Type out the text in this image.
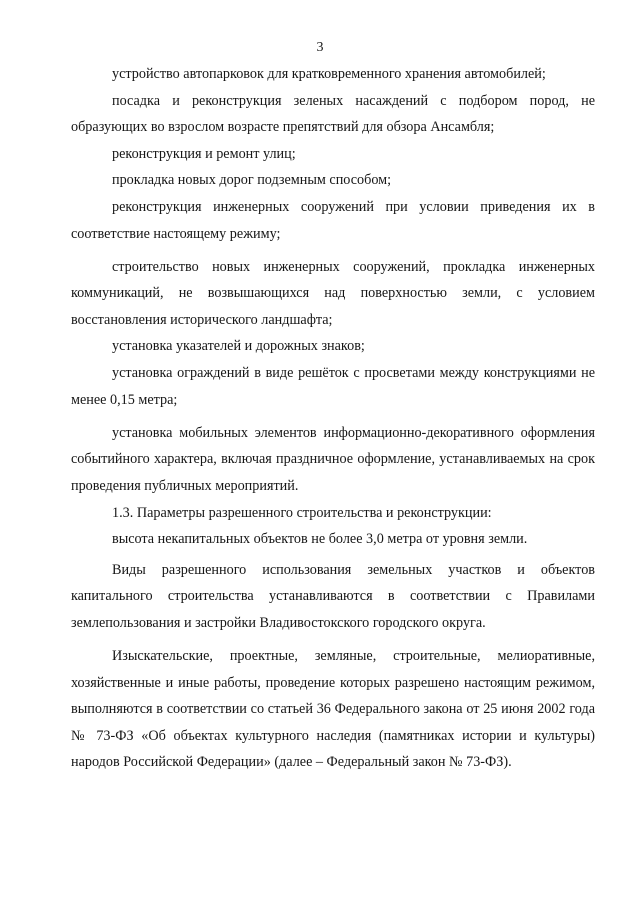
3

устройство автопарковок для кратковременного хранения автомобилей;

посадка и реконструкция зеленых насаждений с подбором пород, не образующих во взрослом возрасте препятствий для обзора Ансамбля;

реконструкция и ремонт улиц;

прокладка новых дорог подземным способом;

реконструкция инженерных сооружений при условии приведения их в соответствие настоящему режиму;

строительство новых инженерных сооружений, прокладка инженерных коммуникаций, не возвышающихся над поверхностью земли, с условием восстановления исторического ландшафта;

установка указателей и дорожных знаков;

установка ограждений в виде решёток с просветами между конструкциями не менее 0,15 метра;

установка мобильных элементов информационно-декоративного оформления событийного характера, включая праздничное оформление, устанавливаемых на срок проведения публичных мероприятий.

1.3. Параметры разрешенного строительства и реконструкции:

высота некапитальных объектов не более 3,0 метра от уровня земли.

Виды разрешенного использования земельных участков и объектов капитального строительства устанавливаются в соответствии с Правилами землепользования и застройки Владивостокского городского округа.

Изыскательские, проектные, земляные, строительные, мелиоративные, хозяйственные и иные работы, проведение которых разрешено настоящим режимом, выполняются в соответствии со статьей 36 Федерального закона от 25 июня 2002 года № 73-ФЗ «Об объектах культурного наследия (памятниках истории и культуры) народов Российской Федерации» (далее – Федеральный закон № 73-ФЗ).
